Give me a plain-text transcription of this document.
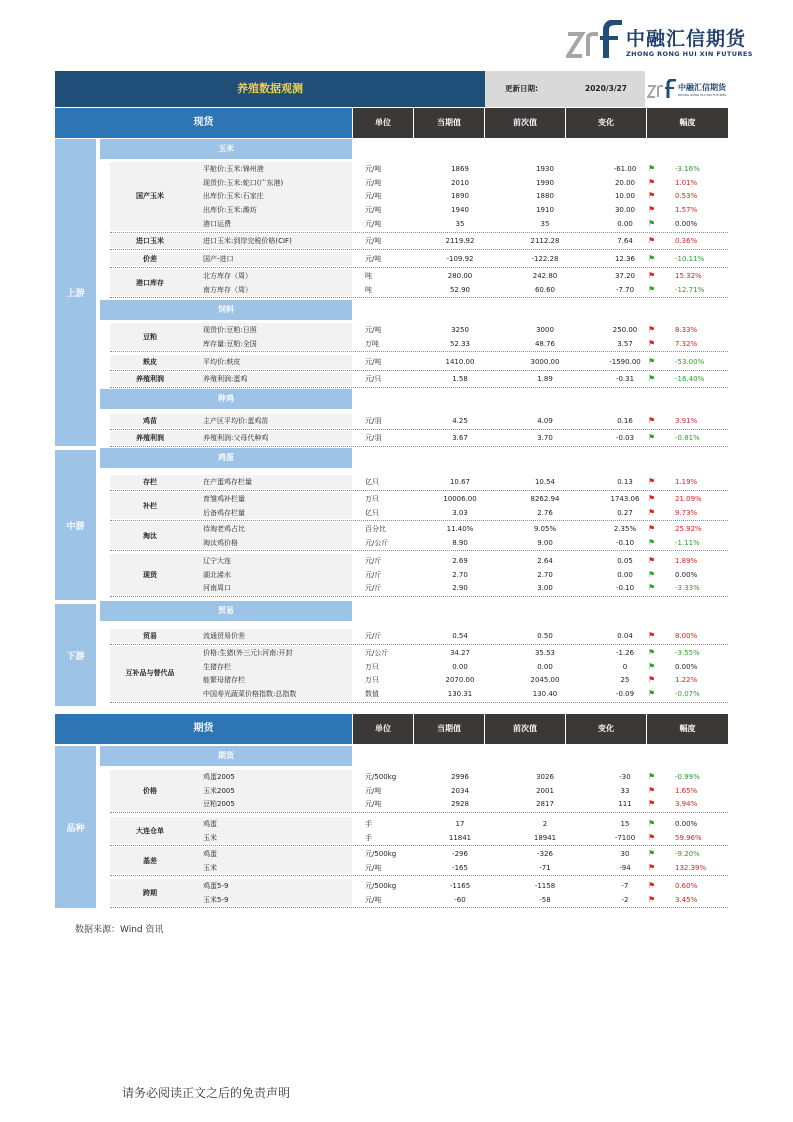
中融汇信期货
ZHONG RONG HUI XIN FUTURES
养殖数据观测	更新日期:	2020/3/27	中融汇信期货
ZHONG RONG HUI XIN FUTURES
现货	单位	当期值	前次值	变化	幅度
上游
中游
下游
玉米
国产玉米
平舱价:玉米:锦州港	元/吨	1869	1930	-61.00	⚑	-3.16%
现货价:玉米:蛇口(广东港)	元/吨	2010	1990	20.00	⚑	1.01%
出库价:玉米:石家庄	元/吨	1890	1880	10.00	⚑	0.53%
出库价:玉米:潍坊	元/吨	1940	1910	30.00	⚑	1.57%
港口运费	元/吨	35	35	0.00	⚑	0.00%
进口玉米	进口玉米:到岸完税价格(CIF)	元/吨	2119.92	2112.28	7.64	⚑	0.36%
价差	国产-进口	元/吨	-109.92	-122.28	12.36	⚑	-10.11%
港口库存
北方库存（周）	吨	280.00	242.80	37.20	⚑	15.32%
南方库存（周）	吨	52.90	60.60	-7.70	⚑	-12.71%
饲料
豆粕
现货价:豆粕:日照	元/吨	3250	3000	250.00	⚑	8.33%
库存量:豆粕:全国	万吨	52.33	48.76	3.57	⚑	7.32%
麸皮	平均价:麸皮	元/吨	1410.00	3000.00	-1590.00 ⚑	-53.00%
养殖利润	养殖利润:蛋鸡	元/只	1.58	1.89	-0.31	⚑	-16.40%
种鸡
鸡苗	主产区平均价:蛋鸡苗	元/羽	4.25	4.09	0.16	⚑	3.91%
养殖利润	养殖利润:父母代种鸡	元/羽	3.67	3.70	-0.03	⚑	-0.81%
鸡蛋
存栏	在产蛋鸡存栏量	亿只	10.67	10.54	0.13	⚑	1.19%
补栏
育雏鸡补栏量	万只	10006.00	8262.94	1743.06	⚑	21.09%
后备鸡存栏量	亿只	3.03	2.76	0.27	⚑	9.73%
淘汰
待淘老鸡占比	百分比	11.40%	9.05%	2.35%	⚑	25.92%
淘汰鸡价格	元/公斤	8.90	9.00	-0.10	⚑	-1.11%
现货
辽宁大连	元/斤	2.69	2.64	0.05	⚑	1.89%
湖北浠水	元/斤	2.70	2.70	0.00	⚑	0.00%
河南周口	元/斤	2.90	3.00	-0.10	⚑	-3.33%
贸易
贸易	流通贸易价差	元/斤	0.54	0.50	0.04	⚑	8.00%
互补品与替代品
价格:生猪(外三元):河南:开封	元/公斤	34.27	35.53	-1.26	⚑	-3.55%
生猪存栏	万只	0.00	0.00	0	⚑	0.00%
能繁母猪存栏	万只	2070.00	2045.00	25	⚑	1.22%
中国寿光蔬菜价格指数:总指数	数值	130.31	130.40	-0.09	⚑	-0.07%
期货	单位	当期值	前次值	变化	幅度
品种
期货
价格
鸡蛋2005	元/500kg	2996	3026	-30	⚑	-0.99%
玉米2005	元/吨	2034	2001	33	⚑	1.65%
豆粕2005	元/吨	2928	2817	111	⚑	3.94%
大连仓单
鸡蛋	手	17	2	15	⚑	0.00%
玉米	手	11841	18941	-7100	⚑	59.96%
基差
鸡蛋	元/500kg	-296	-326	30	⚑	-9.20%
玉米	元/吨	-165	-71	-94	⚑	132.39%
跨期
鸡蛋5-9	元/500kg	-1165	-1158	-7	⚑	0.60%
玉米5-9	元/吨	-60	-58	-2	⚑	3.45%
数据来源：Wind 资讯
请务必阅读正文之后的免责声明
